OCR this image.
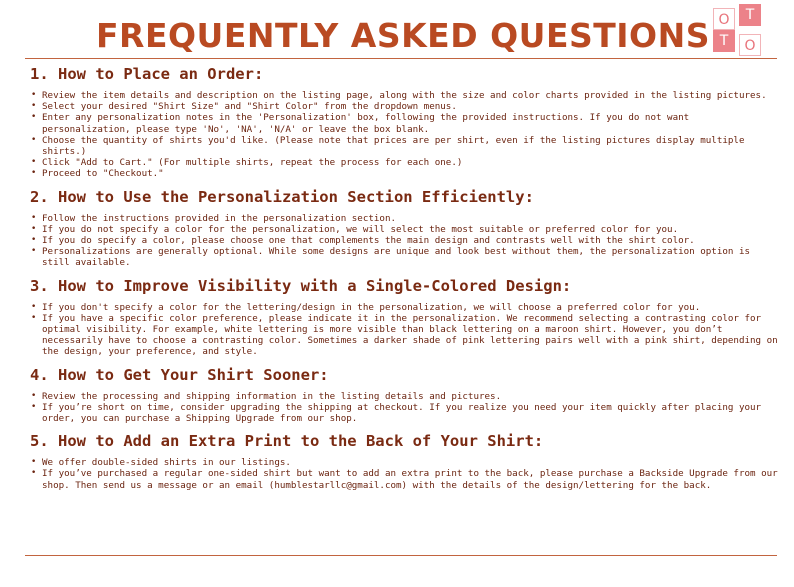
FREQUENTLY ASKED QUESTIONS O	T
T	O
1. How to Place an Order:
• Review the item details and description on the listing page, along with the size and color charts provided in the listing pictures.
• Select your desired "Shirt Size" and "Shirt Color" from the dropdown menus.
• Enter any personalization notes in the 'Personalization' box, following the provided instructions. If you do not want personalization, please type 'No', 'NA', 'N/A' or leave the box blank.
• Choose the quantity of shirts you'd like. (Please note that prices are per shirt, even if the listing pictures display multiple shirts.)
• Click "Add to Cart." (For multiple shirts, repeat the process for each one.)
• Proceed to "Checkout."
2. How to Use the Personalization Section Efficiently:
• Follow the instructions provided in the personalization section.
• If you do not specify a color for the personalization, we will select the most suitable or preferred color for you.
• If you do specify a color, please choose one that complements the main design and contrasts well with the shirt color.
• Personalizations are generally optional. While some designs are unique and look best without them, the personalization option is still available.
3. How to Improve Visibility with a Single-Colored Design:
• If you don't specify a color for the lettering/design in the personalization, we will choose a preferred color for you.
• If you have a specific color preference, please indicate it in the personalization. We recommend selecting a contrasting color for optimal visibility. For example, white lettering is more visible than black lettering on a maroon shirt. However, you don’t necessarily have to choose a contrasting color. Sometimes a darker shade of pink lettering pairs well with a pink shirt, depending on the design, your preference, and style.
4. How to Get Your Shirt Sooner:
• Review the processing and shipping information in the listing details and pictures.
• If you’re short on time, consider upgrading the shipping at checkout. If you realize you need your item quickly after placing your order, you can purchase a Shipping Upgrade from our shop.
5. How to Add an Extra Print to the Back of Your Shirt:
• We offer double-sided shirts in our listings.
• If you’ve purchased a regular one-sided shirt but want to add an extra print to the back, please purchase a Backside Upgrade from our shop. Then send us a message or an email (humblestarllc@gmail.com) with the details of the design/lettering for the back.
